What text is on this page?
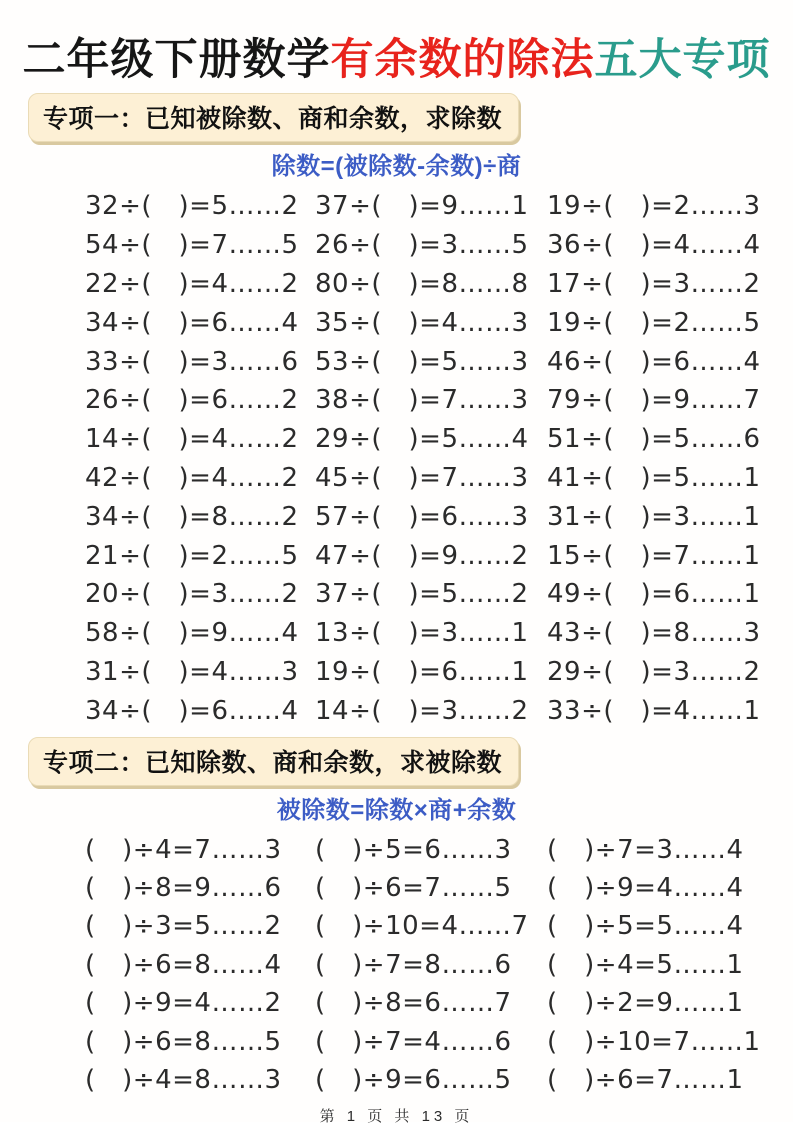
二年级下册数学有余数的除法五大专项
专项一：已知被除数、商和余数，求除数
除数=(被除数-余数)÷商
32÷(　)=5……2 37÷(　)=9……1 19÷(　)=2……3
54÷(　)=7……5 26÷(　)=3……5 36÷(　)=4……4
22÷(　)=4……2 80÷(　)=8……8 17÷(　)=3……2
34÷(　)=6……4 35÷(　)=4……3 19÷(　)=2……5
33÷(　)=3……6 53÷(　)=5……3 46÷(　)=6……4
26÷(　)=6……2 38÷(　)=7……3 79÷(　)=9……7
14÷(　)=4……2 29÷(　)=5……4 51÷(　)=5……6
42÷(　)=4……2 45÷(　)=7……3 41÷(　)=5……1
34÷(　)=8……2 57÷(　)=6……3 31÷(　)=3……1
21÷(　)=2……5 47÷(　)=9……2 15÷(　)=7……1
20÷(　)=3……2 37÷(　)=5……2 49÷(　)=6……1
58÷(　)=9……4 13÷(　)=3……1 43÷(　)=8……3
31÷(　)=4……3 19÷(　)=6……1 29÷(　)=3……2
34÷(　)=6……4 14÷(　)=3……2 33÷(　)=4……1
专项二：已知除数、商和余数，求被除数
被除数=除数×商+余数
(　)÷4=7……3	(　)÷5=6……3	(　)÷7=3……4
(　)÷8=9……6	(　)÷6=7……5	(　)÷9=4……4
(　)÷3=5……2	(　)÷10=4……7 (　)÷5=5……4
(　)÷6=8……4	(　)÷7=8……6	(　)÷4=5……1
(　)÷9=4……2	(　)÷8=6……7	(　)÷2=9……1
(　)÷6=8……5	(　)÷7=4……6	(　)÷10=7……1
(　)÷4=8……3	(　)÷9=6……5	(　)÷6=7……1
第 1 页 共 13 页
